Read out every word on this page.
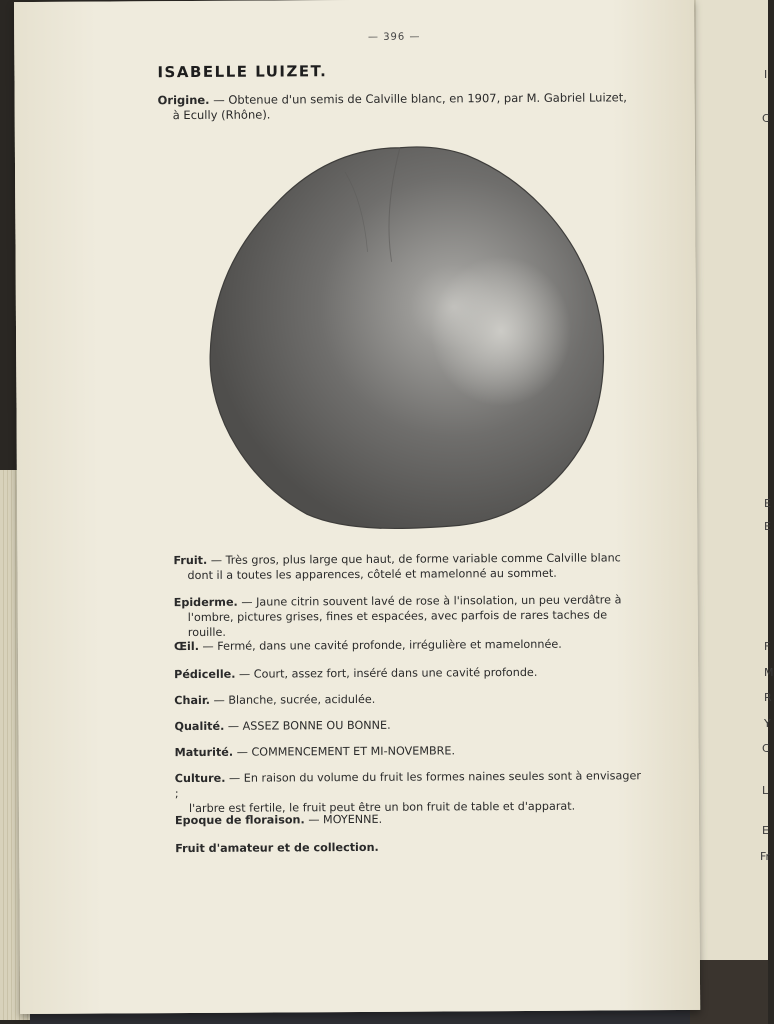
I
C
E
E
F
M
R
Y
C
L
E
Fr
— 396 —
ISABELLE LUIZET.
Origine. — Obtenue d'un semis de Calville blanc, en 1907, par M. Gabriel Luizet,
à Ecully (Rhône).
Fruit. — Très gros, plus large que haut, de forme variable comme Calville blanc
dont il a toutes les apparences, côtelé et mamelonné au sommet.
Epiderme. — Jaune citrin souvent lavé de rose à l'insolation, un peu verdâtre à
l'ombre, pictures grises, fines et espacées, avec parfois de rares taches de rouille.
Œil. — Fermé, dans une cavité profonde, irrégulière et mamelonnée.
Pédicelle. — Court, assez fort, inséré dans une cavité profonde.
Chair. — Blanche, sucrée, acidulée.
Qualité. — ASSEZ BONNE OU BONNE.
Maturité. — COMMENCEMENT ET MI-NOVEMBRE.
Culture. — En raison du volume du fruit les formes naines seules sont à envisager ;
l'arbre est fertile, le fruit peut être un bon fruit de table et d'apparat.
Epoque de floraison. — MOYENNE.
Fruit d'amateur et de collection.
